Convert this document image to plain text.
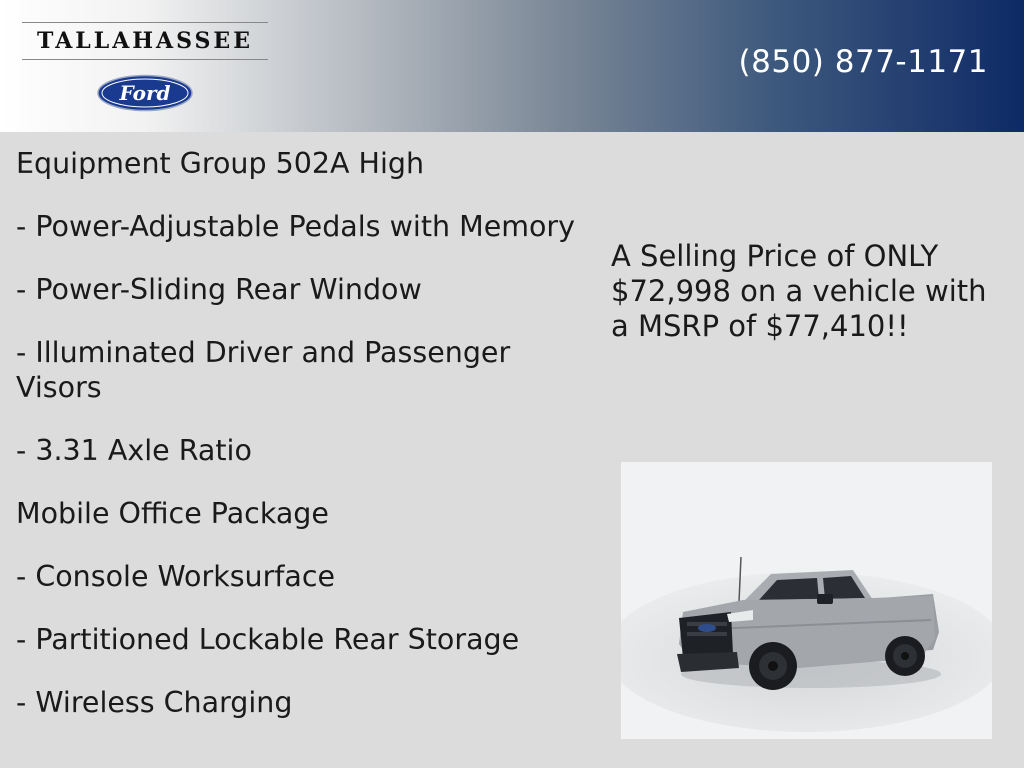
TALLAHASSEE
Ford
(850) 877-1171
Equipment Group 502A High
- Power-Adjustable Pedals with Memory
- Power-Sliding Rear Window
- Illuminated Driver and Passenger Visors
- 3.31 Axle Ratio
Mobile Office Package
- Console Worksurface
- Partitioned Lockable Rear Storage
- Wireless Charging
A Selling Price of ONLY $72,998 on a vehicle with a MSRP of $77,410!!
